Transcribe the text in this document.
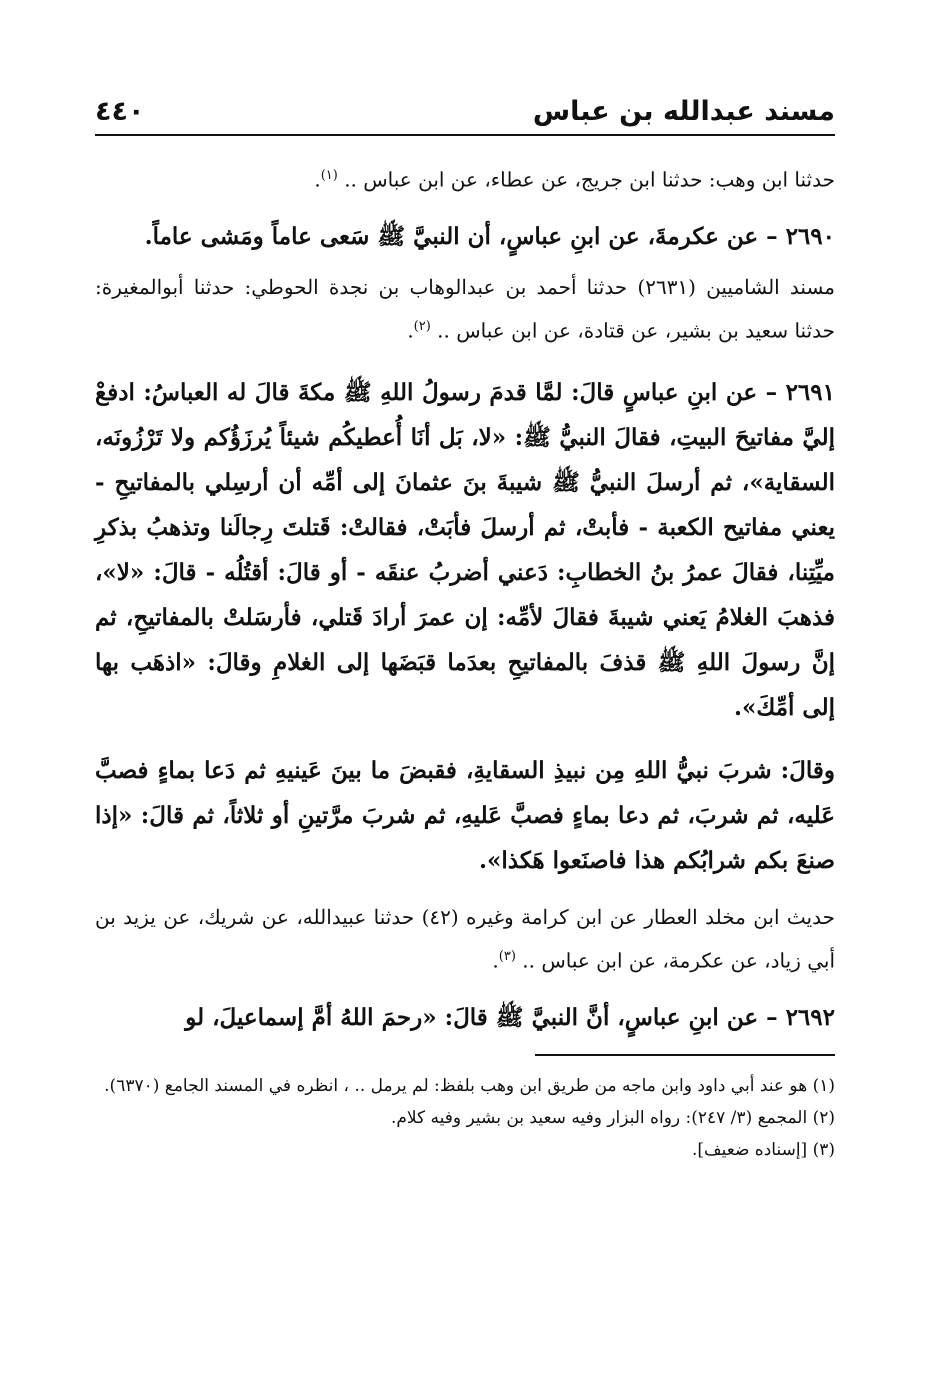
مسند عبدالله بن عباس
٤٤٠

حدثنا ابن وهب: حدثنا ابن جريج، عن عطاء، عن ابن عباس .. $^{(١)}$.

٢٦٩٠ – عن عكرمةَ، عن ابنِ عباسٍ، أن النبيَّ ﷺ سَعى عاماً ومَشى عاماً.

مسند الشاميين (٢٦٣١) حدثنا أحمد بن عبدالوهاب بن نجدة الحوطي: حدثنا أبوالمغيرة: حدثنا سعيد بن بشير، عن قتادة، عن ابن عباس .. $^{(٢)}$.

٢٦٩١ – عن ابنِ عباسٍ قالَ: لمَّا قدمَ رسولُ اللهِ ﷺ مكةَ قالَ له العباسُ: ادفعْ إليَّ مفاتيحَ البيتِ، فقالَ النبيُّ ﷺ: «لا، بَل أنَا أُعطيكُم شيئاً يُرزَؤُكم ولا تَرْزُونَه، السقاية»، ثم أرسلَ النبيُّ ﷺ شيبةَ بنَ عثمانَ إلى أمِّه أن أرسِلي بالمفاتيحِ - يعني مفاتيح الكعبة - فأبتْ، ثم أرسلَ فأبَتْ، فقالتْ: قَتلتَ رِجالَنا وتذهبُ بذكرِ ميِّتِنا، فقالَ عمرُ بنُ الخطابِ: دَعني أضربُ عنقَه - أو قالَ: أقتُلُه - قالَ: «لا»، فذهبَ الغلامُ يَعني شيبةَ فقالَ لأمِّه: إن عمرَ أرادَ قَتلي، فأرسَلتْ بالمفاتيحِ، ثم إنَّ رسولَ اللهِ ﷺ قذفَ بالمفاتيحِ بعدَما قبَضَها إلى الغلامِ وقالَ: «اذهَب بها إلى أمِّكَ».

وقالَ: شربَ نبيُّ اللهِ مِن نبيذِ السقايةِ، فقبضَ ما بينَ عَينيهِ ثم دَعا بماءٍ فصبَّ عَليه، ثم شربَ، ثم دعا بماءٍ فصبَّ عَليهِ، ثم شربَ مرَّتينِ أو ثلاثاً، ثم قالَ: «إذا صنعَ بكم شرابُكم هذا فاصنَعوا هَكذا».

حديث ابن مخلد العطار عن ابن كرامة وغيره (٤٢) حدثنا عبيدالله، عن شريك، عن يزيد بن أبي زياد، عن عكرمة، عن ابن عباس .. $^{(٣)}$.

٢٦٩٢ – عن ابنِ عباسٍ، أنَّ النبيَّ ﷺ قالَ: «رحمَ اللهُ أمَّ إسماعيلَ، لو

(١) هو عند أبي داود وابن ماجه من طريق ابن وهب بلفظ: لم يرمل .. ، انظره في المسند الجامع (٦٣٧٠).

(٢) المجمع (٣/ ٢٤٧): رواه البزار وفيه سعيد بن بشير وفيه كلام.

(٣) [إسناده ضعيف].
